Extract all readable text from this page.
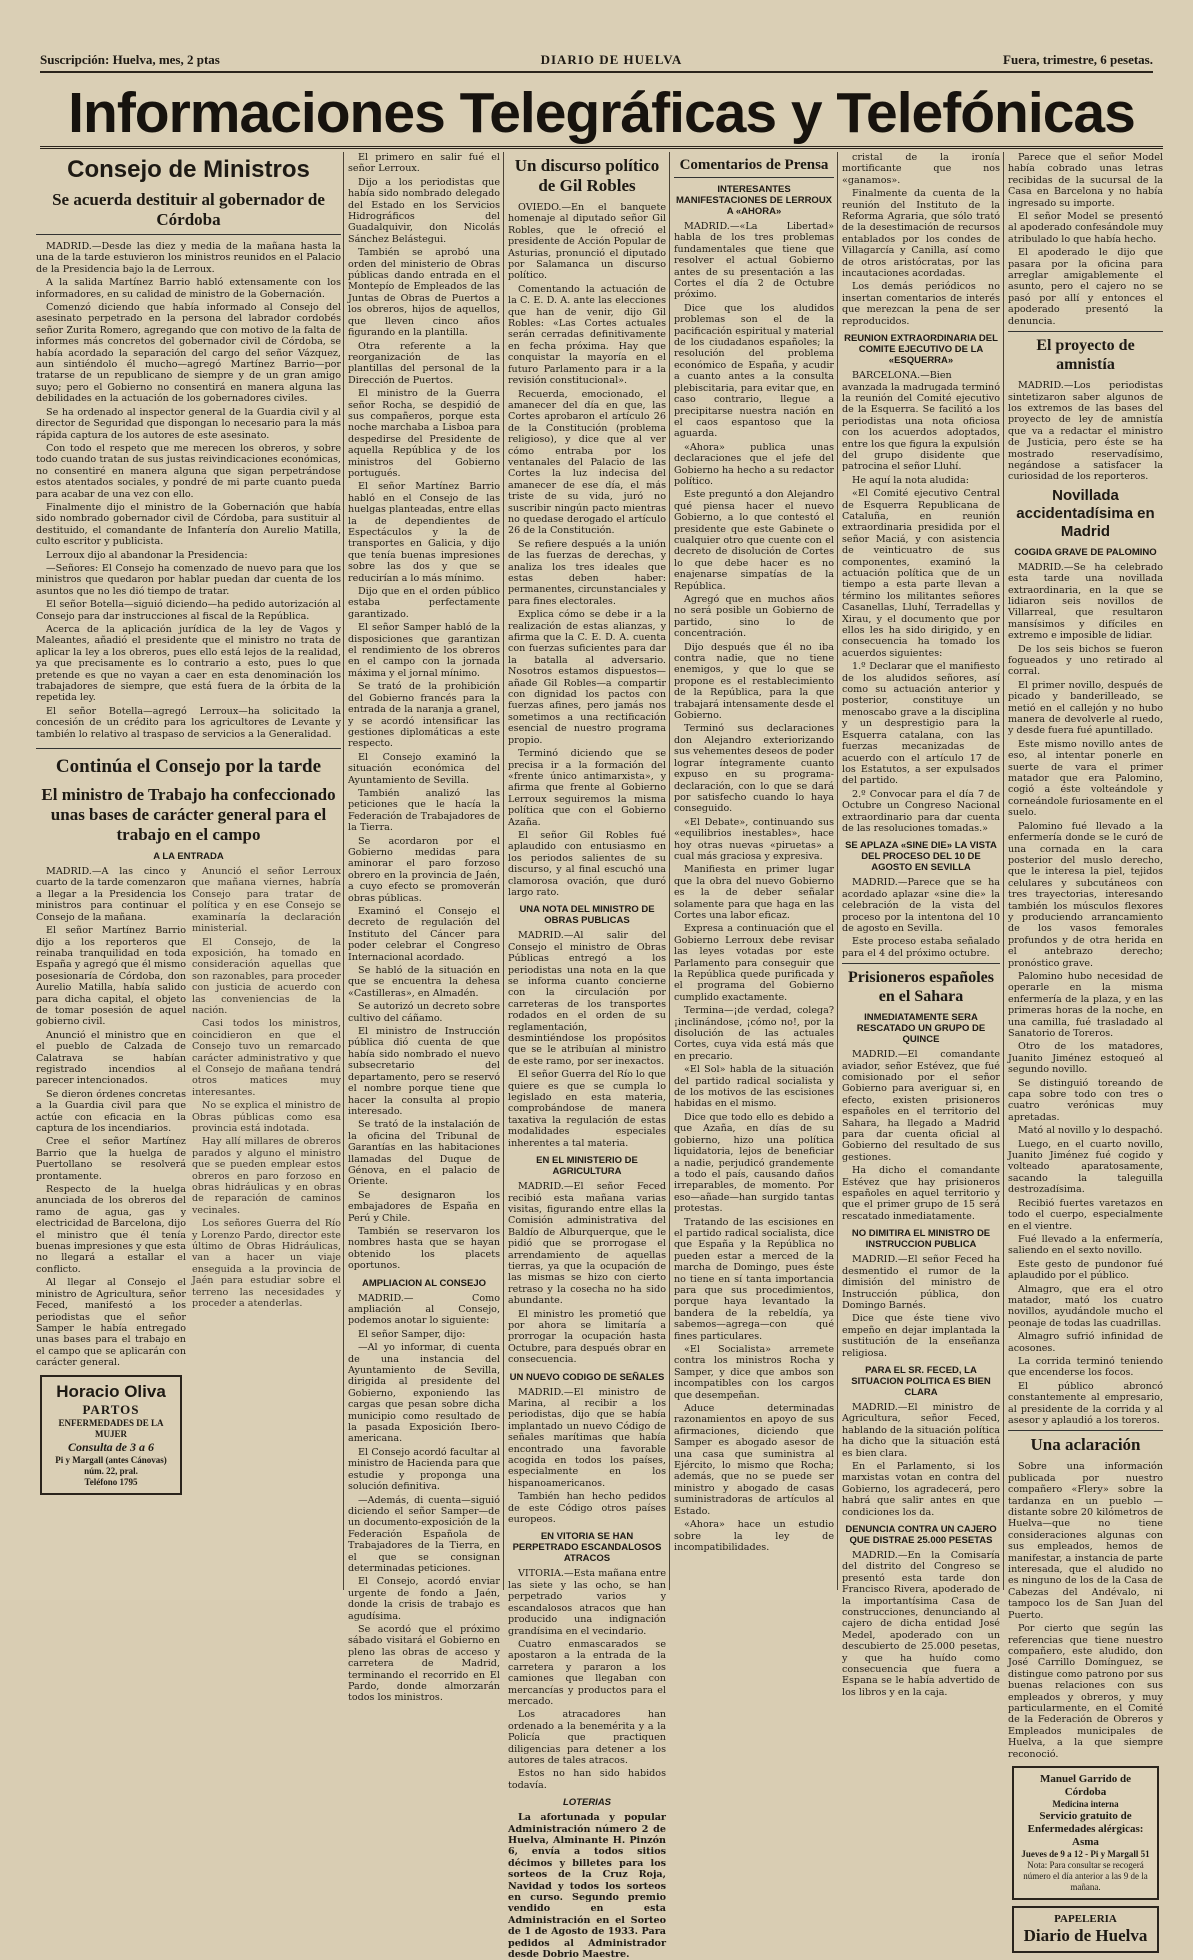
Suscripción: Huelva, mes, 2 ptas	DIARIO DE HUELVA	Fuera, trimestre, 6 pesetas.
Informaciones Telegráficas y Telefónicas
Consejo de Ministros
Se acuerda destituir al gobernador de Córdoba

MADRID.—Desde las diez y media de la mañana hasta la una de la tarde estuvieron los ministros reunidos en el Palacio de la Presidencia bajo la de Lerroux.

A la salida Martínez Barrio habló extensamente con los informadores, en su calidad de ministro de la Gobernación.

Comenzó diciendo que había informado al Consejo del asesinato perpetrado en la persona del labrador cordobés señor Zurita Romero, agregando que con motivo de la falta de informes más concretos del gobernador civil de Córdoba, se había acordado la separación del cargo del señor Vázquez, aun sintiéndolo él mucho—agregó Martínez Barrio—por tratarse de un republicano de siempre y de un gran amigo suyo; pero el Gobierno no consentirá en manera alguna las debilidades en la actuación de los gobernadores civiles.

Se ha ordenado al inspector general de la Guardia civil y al director de Seguridad que dispongan lo necesario para la más rápida captura de los autores de este asesinato.

Con todo el respeto que me merecen los obreros, y sobre todo cuando tratan de sus justas reivindicaciones económicas, no consentiré en manera alguna que sigan perpetrándose estos atentados sociales, y pondré de mi parte cuanto pueda para acabar de una vez con ello.

Finalmente dijo el ministro de la Gobernación que había sido nombrado gobernador civil de Córdoba, para sustituir al destituido, el comandante de Infantería don Aurelio Matilla, culto escritor y publicista.

Lerroux dijo al abandonar la Presidencia:

—Señores: El Consejo ha comenzado de nuevo para que los ministros que quedaron por hablar puedan dar cuenta de los asuntos que no les dió tiempo de tratar.

El señor Botella—siguió diciendo—ha pedido autorización al Consejo para dar instrucciones al fiscal de la República.

Acerca de la aplicación jurídica de la ley de Vagos y Maleantes, añadió el presidente que el ministro no trata de aplicar la ley a los obreros, pues ello está lejos de la realidad, ya que precisamente es lo contrario a esto, pues lo que pretende es que no vayan a caer en esta denominación los trabajadores de siempre, que está fuera de la órbita de la repetida ley.

El señor Botella—agregó Lerroux—ha solicitado la concesión de un crédito para los agricultores de Levante y también lo relativo al traspaso de servicios a la Generalidad.

Continúa el Consejo por la tarde
El ministro de Trabajo ha confeccionado unas bases de carácter general para el trabajo en el campo
A LA ENTRADA

MADRID.—A las cinco y cuarto de la tarde comenzaron a llegar a la Presidencia los ministros para continuar el Consejo de la mañana.

El señor Martínez Barrio dijo a los reporteros que reinaba tranquilidad en toda España y agregó que él mismo posesionaría de Córdoba, don Aurelio Matilla, había salido para dicha capital, el objeto de tomar posesión de aquel gobierno civil.

Anunció el ministro que en el pueblo de Calzada de Calatrava se habían registrado incendios al parecer intencionados.

Se dieron órdenes concretas a la Guardia civil para que actúe con eficacia en la captura de los incendiarios.

Cree el señor Martínez Barrio que la huelga de Puertollano se resolverá prontamente.

Respecto de la huelga anunciada de los obreros del ramo de agua, gas y electricidad de Barcelona, dijo el ministro que él tenía buenas impresiones y que esta no llegará a estallar el conflicto.

Al llegar al Consejo el ministro de Agricultura, señor Feced, manifestó a los periodistas que el señor Samper le había entregado unas bases para el trabajo en el campo que se aplicarán con carácter general.

Horacio Oliva
PARTOS
ENFERMEDADES DE LA MUJER
Consulta de 3 a 6
Pi y Margall (antes Cánovas) núm. 22, pral.
Teléfono 1795

Anunció el señor Lerroux que mañana viernes, habría Consejo para tratar de política y en ese Consejo se examinaría la declaración ministerial.

El Consejo, de la exposición, ha tomado en consideración aquellas que son razonables, para proceder con justicia de acuerdo con las conveniencias de la nación.

Casi todos los ministros, coincidieron en que el Consejo tuvo un remarcado carácter administrativo y que el Consejo de mañana tendrá otros matices muy interesantes.

No se explica el ministro de Obras públicas como esa provincia está indotada.

Hay allí millares de obreros parados y alguno el ministro que se pueden emplear estos obreros en paro forzoso en obras hidráulicas y en obras de reparación de caminos vecinales.

Los señores Guerra del Río y Lorenzo Pardo, director este último de Obras Hidráulicas, van a hacer un viaje enseguida a la provincia de Jaén para estudiar sobre el terreno las necesidades y proceder a atenderlas.

El primero en salir fué el señor Lerroux.

Dijo a los periodistas que había sido nombrado delegado del Estado en los Servicios Hidrográficos del Guadalquivir, don Nicolás Sánchez Belástegui.

También se aprobó una orden del ministerio de Obras públicas dando entrada en el Montepío de Empleados de las Juntas de Obras de Puertos a los obreros, hijos de aquellos, que lleven cinco años figurando en la plantilla.

Otra referente a la reorganización de las plantillas del personal de la Dirección de Puertos.

El ministro de la Guerra señor Rocha, se despidió de sus compañeros, porque esta noche marchaba a Lisboa para despedirse del Presidente de aquella República y de los ministros del Gobierno portugués.

El señor Martínez Barrio habló en el Consejo de las huelgas planteadas, entre ellas la de dependientes de Espectáculos y la de transportes en Galicia, y dijo que tenía buenas impresiones sobre las dos y que se reducirían a lo más mínimo.

Dijo que en el orden público estaba perfectamente garantizado.

El señor Samper habló de la disposiciones que garantizan el rendimiento de los obreros en el campo con la jornada máxima y el jornal mínimo.

Se trató de la prohibición del Gobierno francés para la entrada de la naranja a granel, y se acordó intensificar las gestiones diplomáticas a este respecto.

El Consejo examinó la situación económica del Ayuntamiento de Sevilla.

También analizó las peticiones que le hacía la Federación de Trabajadores de la Tierra.

Se acordaron por el Gobierno medidas para aminorar el paro forzoso obrero en la provincia de Jaén, a cuyo efecto se promoverán obras públicas.

Examinó el Consejo el decreto de regulación del Instituto del Cáncer para poder celebrar el Congreso Internacional acordado.

Se habló de la situación en que se encuentra la dehesa «Castilleras», en Almadén.

Se autorizó un decreto sobre cultivo del cáñamo.

El ministro de Instrucción pública dió cuenta de que había sido nombrado el nuevo subsecretario del departamento, pero se reservó el nombre porque tiene que hacer la consulta al propio interesado.

Se trató de la instalación de la oficina del Tribunal de Garantías en las habitaciones llamadas del Duque de Génova, en el palacio de Oriente.

Se designaron los embajadores de España en Perú y Chile.

También se reservaron los nombres hasta que se hayan obtenido los placets oportunos.

AMPLIACION AL CONSEJO

MADRID.— Como ampliación al Consejo, podemos anotar lo siguiente:

El señor Samper, dijo:

—Al yo informar, di cuenta de una instancia del Ayuntamiento de Sevilla, dirigida al presidente del Gobierno, exponiendo las cargas que pesan sobre dicha municipio como resultado de la pasada Exposición Ibero-americana.

El Consejo acordó facultar al ministro de Hacienda para que estudie y proponga una solución definitiva.

—Además, di cuenta—siguió diciendo el señor Samper—de un documento-exposición de la Federación Española de Trabajadores de la Tierra, en el que se consignan determinadas peticiones.

El Consejo, acordó enviar urgente de fondo a Jaén, donde la crisis de trabajo es agudísima.

Se acordó que el próximo sábado visitará el Gobierno en pleno las obras de acceso y carretera de Madrid, terminando el recorrido en El Pardo, donde almorzarán todos los ministros.

Un discurso político de Gil Robles

OVIEDO.—En el banquete homenaje al diputado señor Gil Robles, que le ofreció el presidente de Acción Popular de Asturias, pronunció el diputado por Salamanca un discurso político.

Comentando la actuación de la C. E. D. A. ante las elecciones que han de venir, dijo Gil Robles: «Las Cortes actuales serán cerradas definitivamente en fecha próxima. Hay que conquistar la mayoría en el futuro Parlamento para ir a la revisión constitucional».

Recuerda, emocionado, el amanecer del día en que, las Cortes aprobaron el artículo 26 de la Constitución (problema religioso), y dice que al ver cómo entraba por los ventanales del Palacio de las Cortes la luz indecisa del amanecer de ese día, el más triste de su vida, juró no suscribir ningún pacto mientras no quedase derogado el artículo 26 de la Constitución.

Se refiere después a la unión de las fuerzas de derechas, y analiza los tres ideales que estas deben haber: permanentes, circunstanciales y para fines electorales.

Explica cómo se debe ir a la realización de estas alianzas, y afirma que la C. E. D. A. cuenta con fuerzas suficientes para dar la batalla al adversario. Nosotros estamos dispuestos—añade Gil Robles—a compartir con dignidad los pactos con fuerzas afines, pero jamás nos sometimos a una rectificación esencial de nuestro programa propio.

Terminó diciendo que se precisa ir a la formación del «frente único antimarxista», y afirma que frente al Gobierno Lerroux seguiremos la misma política que con el Gobierno Azaña.

El señor Gil Robles fué aplaudido con entusiasmo en los periodos salientes de su discurso, y al final escuchó una clamorosa ovación, que duró largo rato.

UNA NOTA DEL MINISTRO DE OBRAS PUBLICAS

MADRID.—Al salir del Consejo el ministro de Obras Públicas entregó a los periodistas una nota en la que se informa cuanto concierne con la circulación por carreteras de los transportes rodados en el orden de su reglamentación, desmintiéndose los propósitos que se le atribuían al ministro de este ramo, por ser inexactos.

El señor Guerra del Río lo que quiere es que se cumpla lo legislado en esta materia, comprobándose de manera taxativa la regulación de estas modalidades especiales inherentes a tal materia.

EN EL MINISTERIO DE AGRICULTURA

MADRID.—El señor Feced recibió esta mañana varias visitas, figurando entre ellas la Comisión administrativa del Baldío de Alburquerque, que le pidió que se prorrogase el arrendamiento de aquellas tierras, ya que la ocupación de las mismas se hizo con cierto retraso y la cosecha no ha sido abundante.

El ministro les prometió que por ahora se limitaría a prorrogar la ocupación hasta Octubre, para después obrar en consecuencia.

UN NUEVO CODIGO DE SEÑALES

MADRID.—El ministro de Marina, al recibir a los periodistas, dijo que se había implantado un nuevo Código de señales marítimas que había encontrado una favorable acogida en todos los países, especialmente en los hispanoamericanos.

También han hecho pedidos de este Código otros países europeos.

EN VITORIA SE HAN PERPETRADO ESCANDALOSOS ATRACOS

VITORIA.—Esta mañana entre las siete y las ocho, se han perpetrado varios y escandalosos atracos que han producido una indignación grandísima en el vecindario.

Cuatro enmascarados se apostaron a la entrada de la carretera y pararon a los camiones que llegaban con mercancías y productos para el mercado.

Los atracadores han ordenado a la benemérita y a la Policía que practiquen diligencias para detener a los autores de tales atracos.

Estos no han sido habidos todavía.

LOTERIAS

La afortunada y popular Administración número 2 de Huelva, Alminante H. Pinzón 6, envía a todos sitios décimos y billetes para los sorteos de la Cruz Roja, Navidad y todos los sorteos en curso. Segundo premio vendido en esta Administración en el Sorteo de 1 de Agosto de 1933. Para pedidos al Administrador desde Dobrio Maestre.

Comentarios de Prensa
INTERESANTES MANIFESTACIONES DE LERROUX A «AHORA»

MADRID.—«La Libertad» habla de los tres problemas fundamentales que tiene que resolver el actual Gobierno antes de su presentación a las Cortes el día 2 de Octubre próximo.

Dice que los aludidos problemas son el de la pacificación espiritual y material de los ciudadanos españoles; la resolución del problema económico de España, y acudir a cuanto antes a la consulta plebiscitaria, para evitar que, en caso contrario, llegue a precipitarse nuestra nación en el caos espantoso que la aguarda.

«Ahora» publica unas declaraciones que el jefe del Gobierno ha hecho a su redactor político.

Este preguntó a don Alejandro qué piensa hacer el nuevo Gobierno, a lo que contestó el presidente que este Gabinete o cualquier otro que cuente con el decreto de disolución de Cortes lo que debe hacer es no enajenarse simpatías de la República.

Agregó que en muchos años no será posible un Gobierno de partido, sino lo de concentración.

Dijo después que él no iba contra nadie, que no tiene enemigos, y que lo que se propone es el restablecimiento de la República, para la que trabajará intensamente desde el Gobierno.

Terminó sus declaraciones don Alejandro exteriorizando sus vehementes deseos de poder lograr íntegramente cuanto expuso en su programa-declaración, con lo que se dará por satisfecho cuando lo haya conseguido.

«El Debate», continuando sus «equilibrios inestables», hace hoy otras nuevas «piruetas» a cual más graciosa y expresiva.

Manifiesta en primer lugar que la obra del nuevo Gobierno es la de deber señalar solamente para que haga en las Cortes una labor eficaz.

Expresa a continuación que el Gobierno Lerroux debe revisar las leyes votadas por este Parlamento para conseguir que la República quede purificada y el programa del Gobierno cumplido exactamente.

Termina—¡de verdad, colega? ¡inclinándose, ¡cómo no!, por la disolución de las actuales Cortes, cuya vida está más que en precario.

«El Sol» habla de la situación del partido radical socialista y de los motivos de las escisiones habidas en el mismo.

Dice que todo ello es debido a que Azaña, en días de su gobierno, hizo una política liquidatoria, lejos de beneficiar a nadie, perjudicó grandemente a todo el país, causando daños irreparables, de momento. Por eso—añade—han surgido tantas protestas.

Tratando de las escisiones en el partido radical socialista, dice que España y la República no pueden estar a merced de la marcha de Domingo, pues éste no tiene en sí tanta importancia para que sus procedimientos, porque haya levantado la bandera de la rebeldía, ya sabemos—agrega—con qué fines particulares.

«El Socialista» arremete contra los ministros Rocha y Samper, y dice que ambos son incompatibles con los cargos que desempeñan.

Aduce determinadas razonamientos en apoyo de sus afirmaciones, diciendo que Samper es abogado asesor de una casa que suministra al Ejército, lo mismo que Rocha; además, que no se puede ser ministro y abogado de casas suministradoras de artículos al Estado.

«Ahora» hace un estudio sobre la ley de incompatibilidades.

cristal de la ironía mortificante que nos «ganamos».

Finalmente da cuenta de la reunión del Instituto de la Reforma Agraria, que sólo trató de la desestimación de recursos entablados por los condes de Villagarcía y Canilla, así como de otros aristócratas, por las incautaciones acordadas.

Los demás periódicos no insertan comentarios de interés que merezcan la pena de ser reproducidos.

REUNION EXTRAORDINARIA DEL COMITE EJECUTIVO DE LA «ESQUERRA»

BARCELONA.—Bien avanzada la madrugada terminó la reunión del Comité ejecutivo de la Esquerra. Se facilitó a los periodistas una nota oficiosa con los acuerdos adoptados, entre los que figura la expulsión del grupo disidente que patrocina el señor Lluhí.

He aquí la nota aludida:

«El Comité ejecutivo Central de Esquerra Republicana de Cataluña, en reunión extraordinaria presidida por el señor Maciá, y con asistencia de veinticuatro de sus componentes, examinó la actuación política que de un tiempo a esta parte llevan a término los militantes señores Casanellas, Lluhí, Terradellas y Xirau, y el documento que por ellos les ha sido dirigido, y en consecuencia ha tomado los acuerdos siguientes:

1.º Declarar que el manifiesto de los aludidos señores, así como su actuación anterior y posterior, constituye un menoscabo grave a la disciplina y un desprestigio para la Esquerra catalana, con las fuerzas mecanizadas de acuerdo con el artículo 17 de los Estatutos, a ser expulsados del partido.

2.º Convocar para el día 7 de Octubre un Congreso Nacional extraordinario para dar cuenta de las resoluciones tomadas.»

SE APLAZA «SINE DIE» LA VISTA DEL PROCESO DEL 10 DE AGOSTO EN SEVILLA

MADRID.—Parece que se ha acordado aplazar «sine die» la celebración de la vista del proceso por la intentona del 10 de agosto en Sevilla.

Este proceso estaba señalado para el 4 del próximo octubre.

Prisioneros españoles en el Sahara
INMEDIATAMENTE SERA RESCATADO UN GRUPO DE QUINCE

MADRID.—El comandante aviador, señor Estévez, que fué comisionado por el señor Gobierno para averiguar si, en efecto, existen prisioneros españoles en el territorio del Sahara, ha llegado a Madrid para dar cuenta oficial al Gobierno del resultado de sus gestiones.

Ha dicho el comandante Estévez que hay prisioneros españoles en aquel territorio y que el primer grupo de 15 será rescatado inmediatamente.

NO DIMITIRA EL MINISTRO DE INSTRUCCION PUBLICA

MADRID.—El señor Feced ha desmentido el rumor de la dimisión del ministro de Instrucción pública, don Domingo Barnés.

Dice que éste tiene vivo empeño en dejar implantada la sustitución de la enseñanza religiosa.

PARA EL SR. FECED, LA SITUACION POLITICA ES BIEN CLARA

MADRID.—El ministro de Agricultura, señor Feced, hablando de la situación política ha dicho que la situación está es bien clara.

En el Parlamento, si los marxistas votan en contra del Gobierno, los agradecerá, pero habrá que salir antes en que condiciones los da.

DENUNCIA CONTRA UN CAJERO QUE DISTRAE 25.000 PESETAS

MADRID.—En la Comisaría del distrito del Congreso se presentó esta tarde don Francisco Rivera, apoderado de la importantísima Casa de construcciones, denunciando al cajero de dicha entidad José Medel, apoderado con un descubierto de 25.000 pesetas, y que ha huído como consecuencia que fuera a Espana se le había advertido de los libros y en la caja.

Parece que el señor Model había cobrado unas letras recibidas de la sucursal de la Casa en Barcelona y no había ingresado su importe.

El señor Model se presentó al apoderado confesándole muy atribulado lo que había hecho.

El apoderado le dijo que pasara por la oficina para arreglar amigablemente el asunto, pero el cajero no se pasó por allí y entonces el apoderado presentó la denuncia.

El proyecto de amnistía

MADRID.—Los periodistas sintetizaron saber algunos de los extremos de las bases del proyecto de ley de amnistía que va a redactar el ministro de Justicia, pero éste se ha mostrado reservadísimo, negándose a satisfacer la curiosidad de los reporteros.

Novillada accidentadísima en Madrid
COGIDA GRAVE DE PALOMINO

MADRID.—Se ha celebrado esta tarde una novillada extraordinaria, en la que se lidiaron seis novillos de Villarreal, que resultaron mansísimos y difíciles en extremo e imposible de lidiar.

De los seis bichos se fueron fogueados y uno retirado al corral.

El primer novillo, después de picado y banderilleado, se metió en el callejón y no hubo manera de devolverle al ruedo, y desde fuera fué apuntillado.

Este mismo novillo antes de eso, al intentar ponerle en suerte de vara el primer matador que era Palomino, cogió a éste volteándole y corneándole furiosamente en el suelo.

Palomino fué llevado a la enfermería donde se le curó de una cornada en la cara posterior del muslo derecho, que le interesa la piel, tejidos celulares y subcutáneos con tres trayectorias, interesando también los músculos flexores y produciendo arrancamiento de los vasos femorales profundos y de otra herida en el antebrazo derecho; pronóstico grave.

Palomino hubo necesidad de operarle en la misma enfermería de la plaza, y en las primeras horas de la noche, en una camilla, fué trasladado al Sanatorio de Toreros.

Otro de los matadores, Juanito Jiménez estoqueó al segundo novillo.

Se distinguió toreando de capa sobre todo con tres o cuatro verónicas muy apretadas.

Mató al novillo y lo despachó.

Luego, en el cuarto novillo, Juanito Jiménez fué cogido y volteado aparatosamente, sacando la taleguilla destrozadísima.

Recibió fuertes varetazos en todo el cuerpo, especialmente en el vientre.

Fué llevado a la enfermería, saliendo en el sexto novillo.

Este gesto de pundonor fué aplaudido por el público.

Almagro, que era el otro matador, mató los cuatro novillos, ayudándole mucho el peonaje de todas las cuadrillas.

Almagro sufrió infinidad de acosones.

La corrida terminó teniendo que encenderse los focos.

El público abroncó constantemente al empresario, al presidente de la corrida y al asesor y aplaudió a los toreros.

Una aclaración

Sobre una información publicada por nuestro compañero «Flery» sobre la tardanza en un pueblo —distante sobre 20 kilómetros de Huelva—que no tiene consideraciones algunas con sus empleados, hemos de manifestar, a instancia de parte interesada, que el aludido no es ninguno de los de la Casa de Cabezas del Andévalo, ni tampoco los de San Juan del Puerto.

Por cierto que según las referencias que tiene nuestro compañero, este aludido, don José Carrillo Domínguez, se distingue como patrono por sus buenas relaciones con sus empleados y obreros, y muy particularmente, en el Comité de la Federación de Obreros y Empleados municipales de Huelva, a la que siempre reconoció.

Manuel Garrido de Córdoba
Medicina interna
Servicio gratuito de
Enfermedades alérgicas:
Asma
Jueves de 9 a 12 - Pi y Margall 51
Nota: Para consultar se recogerá número el día anterior a las 9 de la mañana.
PAPELERIA
Diario de Huelva
